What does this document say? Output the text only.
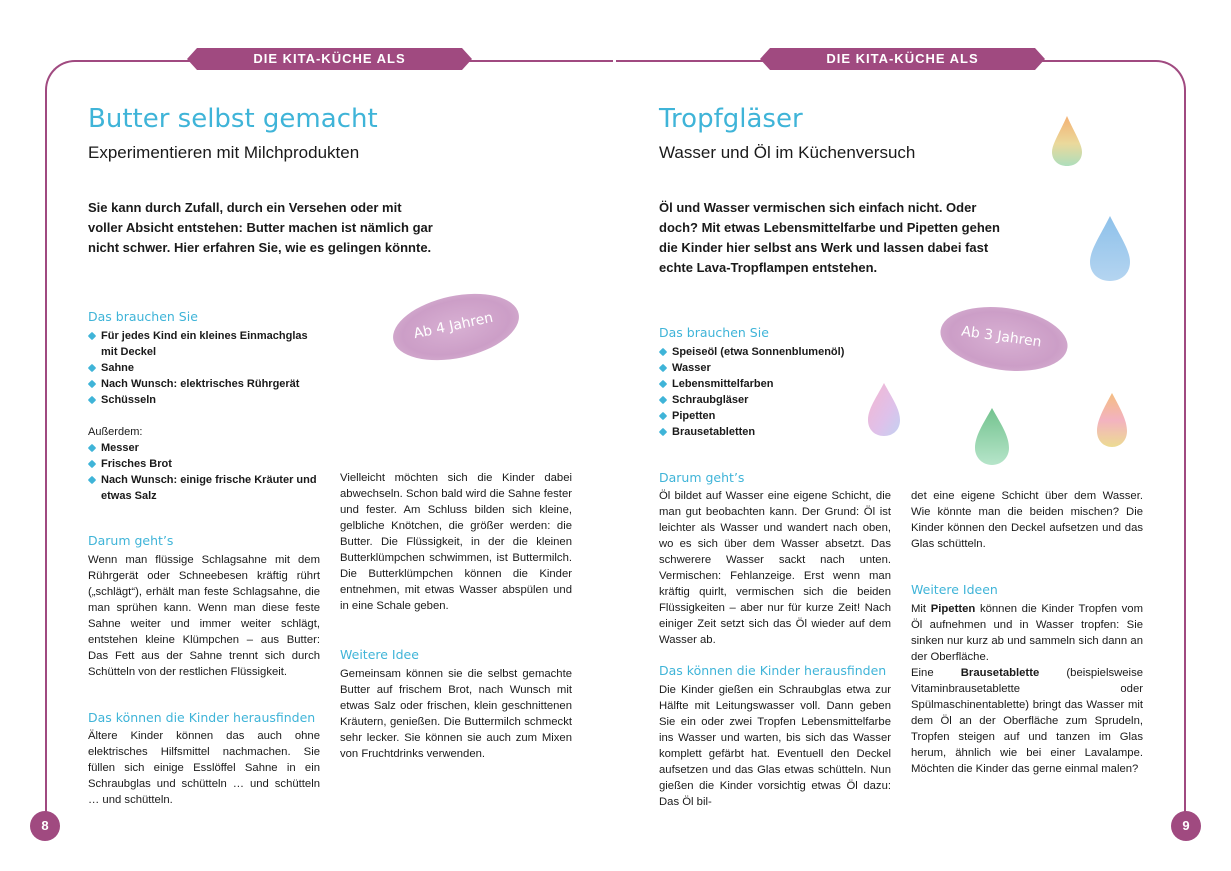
DIE KITA-KÜCHE ALS FORSCHERLABOR
DIE KITA-KÜCHE ALS FORSCHERLABOR
8	9
Butter selbst gemacht
Experimentieren mit Milchprodukten
Sie kann durch Zufall, durch ein Versehen oder mit voller Absicht entstehen: Butter machen ist nämlich gar nicht schwer. Hier erfahren Sie, wie es gelingen könnte.
Ab 4 Jahren
Das brauchen Sie
Für jedes Kind ein kleines Einmachglas mit Deckel
Sahne
Nach Wunsch: elektrisches Rührgerät
Schüsseln
Außerdem:
Messer
Frisches Brot
Nach Wunsch: einige frische Kräuter und etwas Salz
Darum geht’s
Wenn man flüssige Schlagsahne mit dem Rührgerät oder Schneebesen kräftig rührt („schlägt“), erhält man feste Schlagsahne, die man sprühen kann. Wenn man diese feste Sahne weiter und immer weiter schlägt, entstehen kleine Klümpchen – aus Butter: Das Fett aus der Sahne trennt sich durch Schütteln von der restlichen Flüssigkeit.
Das können die Kinder herausfinden
Ältere Kinder können das auch ohne elektrisches Hilfsmittel nachmachen. Sie füllen sich einige Esslöffel Sahne in ein Schraubglas und schütteln … und schütteln … und schütteln.
Vielleicht möchten sich die Kinder dabei abwechseln. Schon bald wird die Sahne fester und fester. Am Schluss bilden sich kleine, gelbliche Knötchen, die größer werden: die Butter. Die Flüssigkeit, in der die kleinen Butterklümpchen schwimmen, ist Buttermilch. Die Butterklümpchen können die Kinder entnehmen, mit etwas Wasser abspülen und in eine Schale geben.
Weitere Idee
Gemeinsam können sie die selbst gemachte Butter auf frischem Brot, nach Wunsch mit etwas Salz oder frischen, klein geschnittenen Kräutern, genießen. Die Buttermilch schmeckt sehr lecker. Sie können sie auch zum Mixen von Fruchtdrinks verwenden.
Tropfgläser
Wasser und Öl im Küchenversuch
Öl und Wasser vermischen sich einfach nicht. Oder doch? Mit etwas Lebensmittelfarbe und Pipetten gehen die Kinder hier selbst ans Werk und lassen dabei fast echte Lava-Tropflampen entstehen.
Ab 3 Jahren
Das brauchen Sie
Speiseöl (etwa Sonnenblumenöl)
Wasser
Lebensmittelfarben
Schraubgläser
Pipetten
Brausetabletten
Darum geht’s
Öl bildet auf Wasser eine eigene Schicht, die man gut beobachten kann. Der Grund: Öl ist leichter als Wasser und wandert nach oben, wo es sich über dem Wasser absetzt. Das schwerere Wasser sackt nach unten. Vermischen: Fehlanzeige. Erst wenn man kräftig quirlt, vermischen sich die beiden Flüssigkeiten – aber nur für kurze Zeit! Nach einiger Zeit setzt sich das Öl wieder auf dem Wasser ab.
Das können die Kinder herausfinden
Die Kinder gießen ein Schraubglas etwa zur Hälfte mit Leitungswasser voll. Dann geben Sie ein oder zwei Tropfen Lebensmittelfarbe ins Wasser und warten, bis sich das Wasser komplett gefärbt hat. Eventuell den Deckel aufsetzen und das Glas etwas schütteln. Nun gießen die Kinder vorsichtig etwas Öl dazu: Das Öl bil-
det eine eigene Schicht über dem Wasser. Wie könnte man die beiden mischen? Die Kinder können den Deckel aufsetzen und das Glas schütteln.
Weitere Ideen
Mit Pipetten können die Kinder Tropfen vom Öl aufnehmen und in Wasser tropfen: Sie sinken nur kurz ab und sammeln sich dann an der Oberfläche.
Eine Brausetablette (beispielsweise Vitaminbrausetablette oder Spülmaschinentablette) bringt das Wasser mit dem Öl an der Oberfläche zum Sprudeln, Tropfen steigen auf und tanzen im Glas herum, ähnlich wie bei einer Lavalampe. Möchten die Kinder das gerne einmal malen?
